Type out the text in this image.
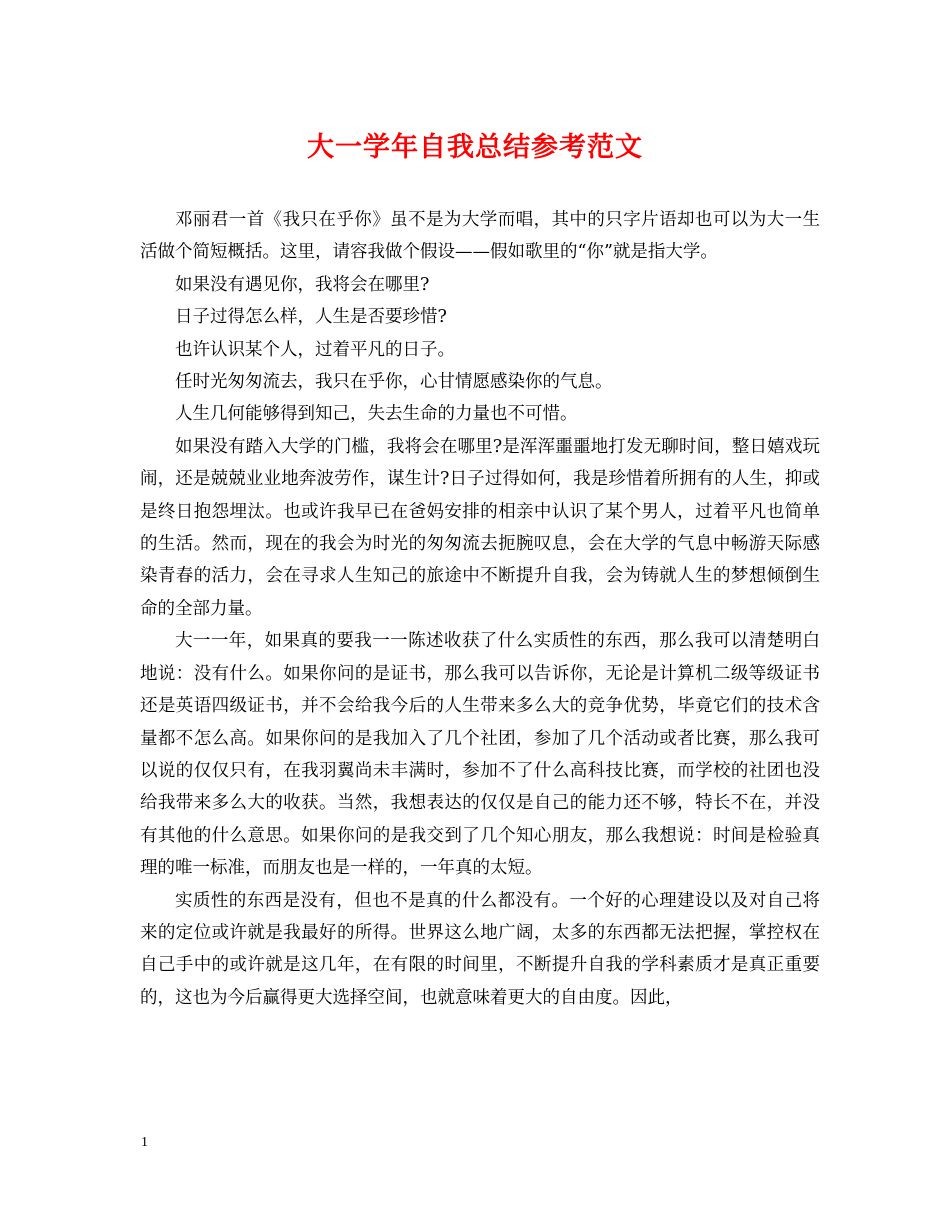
大一学年自我总结参考范文

邓丽君一首《我只在乎你》虽不是为大学而唱，其中的只字片语却也可以为大一生活做个简短概括。这里，请容我做个假设——假如歌里的“你”就是指大学。

如果没有遇见你，我将会在哪里?

日子过得怎么样，人生是否要珍惜?

也许认识某个人，过着平凡的日子。

任时光匆匆流去，我只在乎你，心甘情愿感染你的气息。

人生几何能够得到知己，失去生命的力量也不可惜。

如果没有踏入大学的门槛，我将会在哪里?是浑浑噩噩地打发无聊时间，整日嬉戏玩闹，还是兢兢业业地奔波劳作，谋生计?日子过得如何，我是珍惜着所拥有的人生，抑或是终日抱怨埋汰。也或许我早已在爸妈安排的相亲中认识了某个男人，过着平凡也简单的生活。然而，现在的我会为时光的匆匆流去扼腕叹息，会在大学的气息中畅游天际感染青春的活力，会在寻求人生知己的旅途中不断提升自我，会为铸就人生的梦想倾倒生命的全部力量。

大一一年，如果真的要我一一陈述收获了什么实质性的东西，那么我可以清楚明白地说：没有什么。如果你问的是证书，那么我可以告诉你，无论是计算机二级等级证书还是英语四级证书，并不会给我今后的人生带来多么大的竞争优势，毕竟它们的技术含量都不怎么高。如果你问的是我加入了几个社团，参加了几个活动或者比赛，那么我可以说的仅仅只有，在我羽翼尚未丰满时，参加不了什么高科技比赛，而学校的社团也没给我带来多么大的收获。当然，我想表达的仅仅是自己的能力还不够，特长不在，并没有其他的什么意思。如果你问的是我交到了几个知心朋友，那么我想说：时间是检验真理的唯一标准，而朋友也是一样的，一年真的太短。

实质性的东西是没有，但也不是真的什么都没有。一个好的心理建设以及对自己将来的定位或许就是我最好的所得。世界这么地广阔，太多的东西都无法把握，掌控权在自己手中的或许就是这几年，在有限的时间里，不断提升自我的学科素质才是真正重要的，这也为今后赢得更大选择空间，也就意味着更大的自由度。因此，

1
